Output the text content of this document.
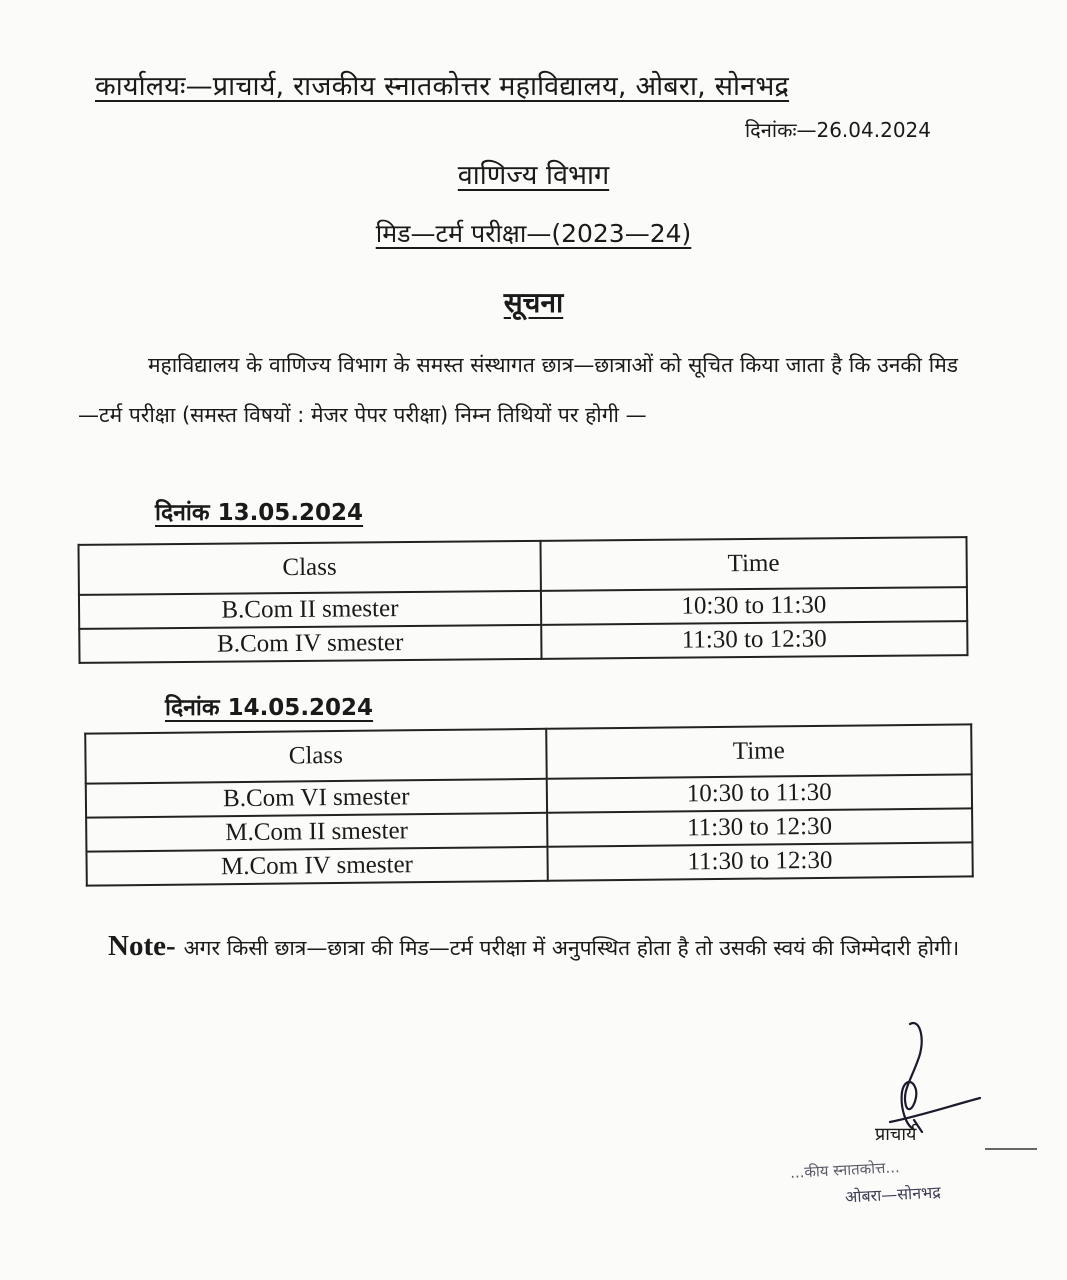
कार्यालयः—प्राचार्य, राजकीय स्नातकोत्तर महाविद्यालय, ओबरा, सोनभद्र
दिनांकः—26.04.2024
वाणिज्य विभाग
मिड—टर्म परीक्षा—(2023—24)
सूचना
महाविद्यालय के वाणिज्य विभाग के समस्त संस्थागत छात्र—छात्राओं को सूचित किया जाता है कि उनकी मिड—टर्म परीक्षा (समस्त विषयों : मेजर पेपर परीक्षा) निम्न तिथियों पर होगी —
दिनांक 13.05.2024
Class	Time
B.Com II smester	10:30 to 11:30
B.Com IV smester	11:30 to 12:30
दिनांक 14.05.2024
Class	Time
B.Com VI smester	10:30 to 11:30
M.Com II smester	11:30 to 12:30
M.Com IV smester	11:30 to 12:30
Note- अगर किसी छात्र—छात्रा की मिड—टर्म परीक्षा में अनुपस्थित होता है तो उसकी स्वयं की जिम्मेदारी होगी।
प्राचार्य
...कीय स्नातकोत्त...
ओबरा—सोनभद्र
